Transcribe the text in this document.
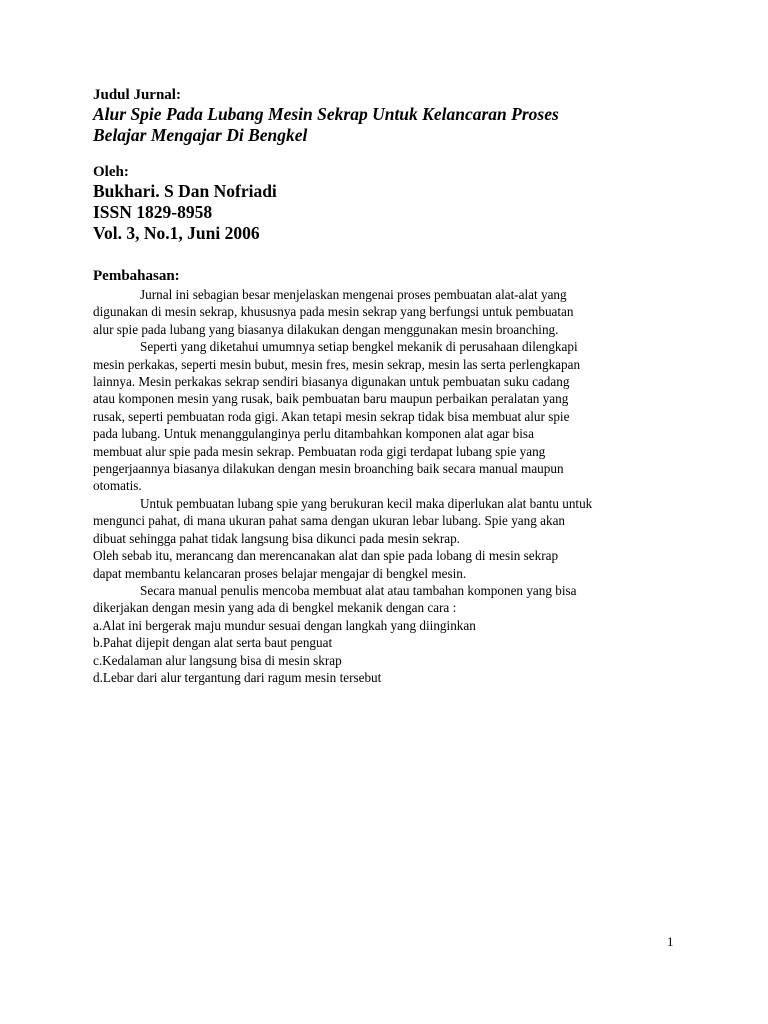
Judul Jurnal:
Alur Spie Pada Lubang Mesin Sekrap Untuk Kelancaran Proses
Belajar Mengajar Di Bengkel
Oleh:
Bukhari. S Dan Nofriadi
ISSN 1829-8958
Vol. 3, No.1, Juni 2006
Pembahasan:

Jurnal ini sebagian besar menjelaskan mengenai proses pembuatan alat-alat yang

digunakan di mesin sekrap, khususnya pada mesin sekrap yang berfungsi untuk pembuatan

alur spie pada lubang yang biasanya dilakukan dengan menggunakan mesin broanching.

Seperti yang diketahui umumnya setiap bengkel mekanik di perusahaan dilengkapi

mesin perkakas, seperti mesin bubut, mesin fres, mesin sekrap, mesin las serta perlengkapan

lainnya. Mesin perkakas sekrap sendiri biasanya digunakan untuk pembuatan suku cadang

atau komponen mesin yang rusak, baik pembuatan baru maupun perbaikan peralatan yang

rusak, seperti pembuatan roda gigi. Akan tetapi mesin sekrap tidak bisa membuat alur spie

pada lubang. Untuk menanggulanginya perlu ditambahkan komponen alat agar bisa

membuat alur spie pada mesin sekrap. Pembuatan roda gigi terdapat lubang spie yang

pengerjaannya biasanya dilakukan dengan mesin broanching baik secara manual maupun

otomatis.

Untuk pembuatan lubang spie yang berukuran kecil maka diperlukan alat bantu untuk

mengunci pahat, di mana ukuran pahat sama dengan ukuran lebar lubang. Spie yang akan

dibuat sehingga pahat tidak langsung bisa dikunci pada mesin sekrap.

Oleh sebab itu, merancang dan merencanakan alat dan spie pada lobang di mesin sekrap

dapat membantu kelancaran proses belajar mengajar di bengkel mesin.

Secara manual penulis mencoba membuat alat atau tambahan komponen yang bisa

dikerjakan dengan mesin yang ada di bengkel mekanik dengan cara :

a.Alat ini bergerak maju mundur sesuai dengan langkah yang diinginkan

b.Pahat dijepit dengan alat serta baut penguat

c.Kedalaman alur langsung bisa di mesin skrap

d.Lebar dari alur tergantung dari ragum mesin tersebut

1
